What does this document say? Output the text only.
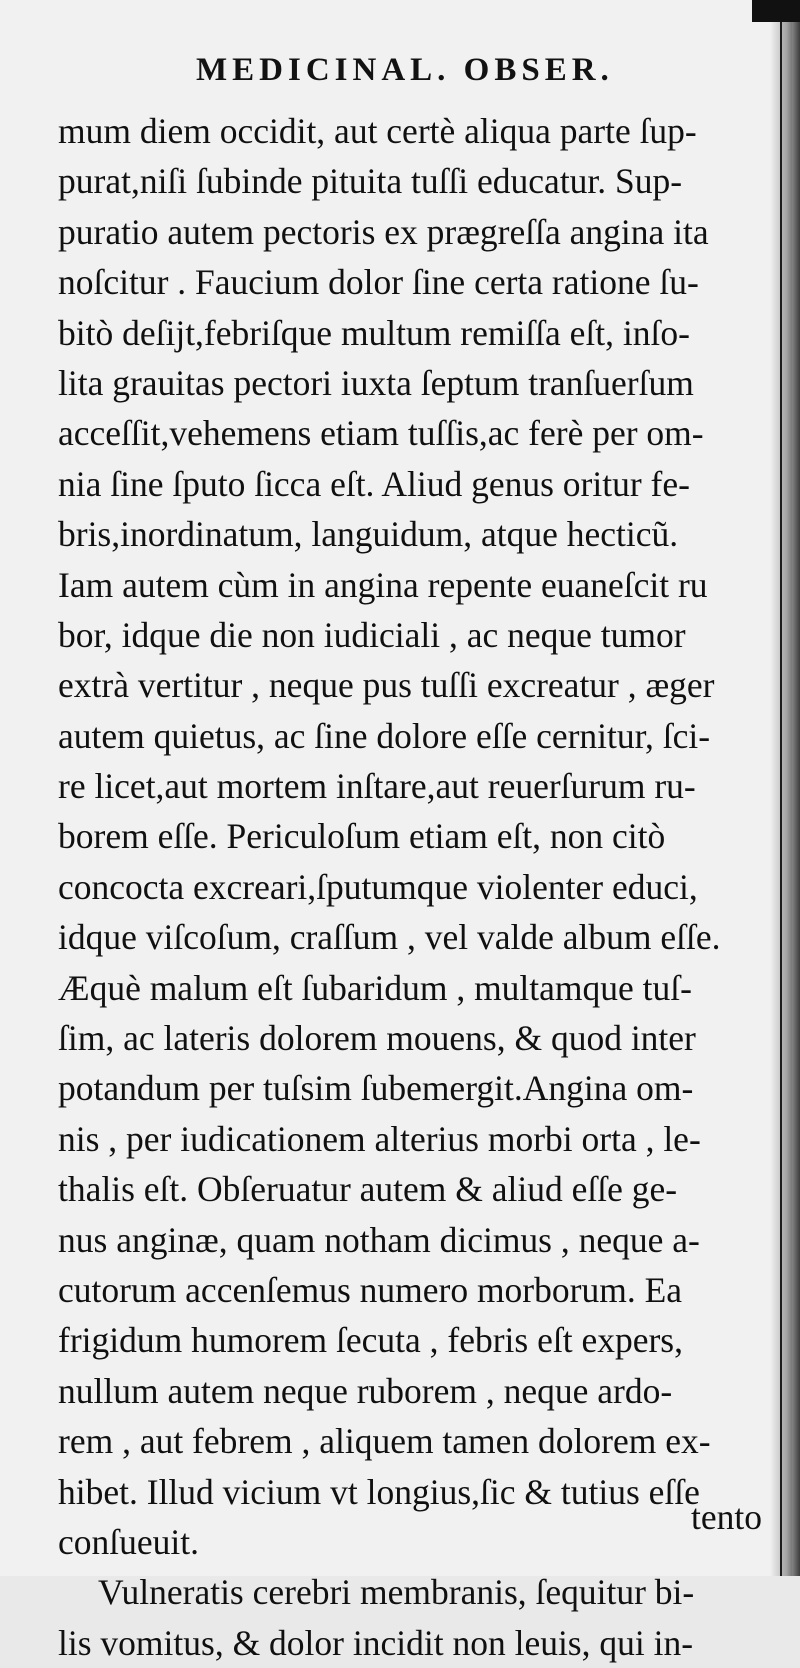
MEDICINAL. OBSER.
mum diem occidit, aut certè aliqua parte ſup-
purat,niſi ſubinde pituita tuſſi educatur. Sup-
puratio autem pectoris ex prægreſſa angina ita
noſcitur . Faucium dolor ſine certa ratione ſu-
bitò deſijt,febriſque multum remiſſa eſt, inſo-
lita grauitas pectori iuxta ſeptum tranſuerſum
acceſſit,vehemens etiam tuſſis,ac ferè per om-
nia ſine ſputo ſicca eſt. Aliud genus oritur fe-
bris,inordinatum, languidum, atque hecticũ.
Iam autem cùm in angina repente euaneſcit ru
bor, idque die non iudiciali , ac neque tumor
extrà vertitur , neque pus tuſſi excreatur , æger
autem quietus, ac ſine dolore eſſe cernitur, ſci-
re licet,aut mortem inſtare,aut reuerſurum ru-
borem eſſe. Periculoſum etiam eſt, non citò
concocta excreari,ſputumque violenter educi,
idque viſcoſum, craſſum , vel valde album eſſe.
Æquè malum eſt ſubaridum , multamque tuſ-
ſim, ac lateris dolorem mouens, & quod inter
potandum per tuſsim ſubemergit.Angina om-
nis , per iudicationem alterius morbi orta , le-
thalis eſt. Obſeruatur autem & aliud eſſe ge-
nus anginæ, quam notham dicimus , neque a-
cutorum accenſemus numero morborum. Ea
frigidum humorem ſecuta , febris eſt expers,
nullum autem neque ruborem , neque ardo-
rem , aut febrem , aliquem tamen dolorem ex-
hibet. Illud vicium vt longius,ſic & tutius eſſe
conſueuit.
Vulneratis cerebri membranis, ſequitur bi-
lis vomitus, & dolor incidit non leuis, qui in-
tento
